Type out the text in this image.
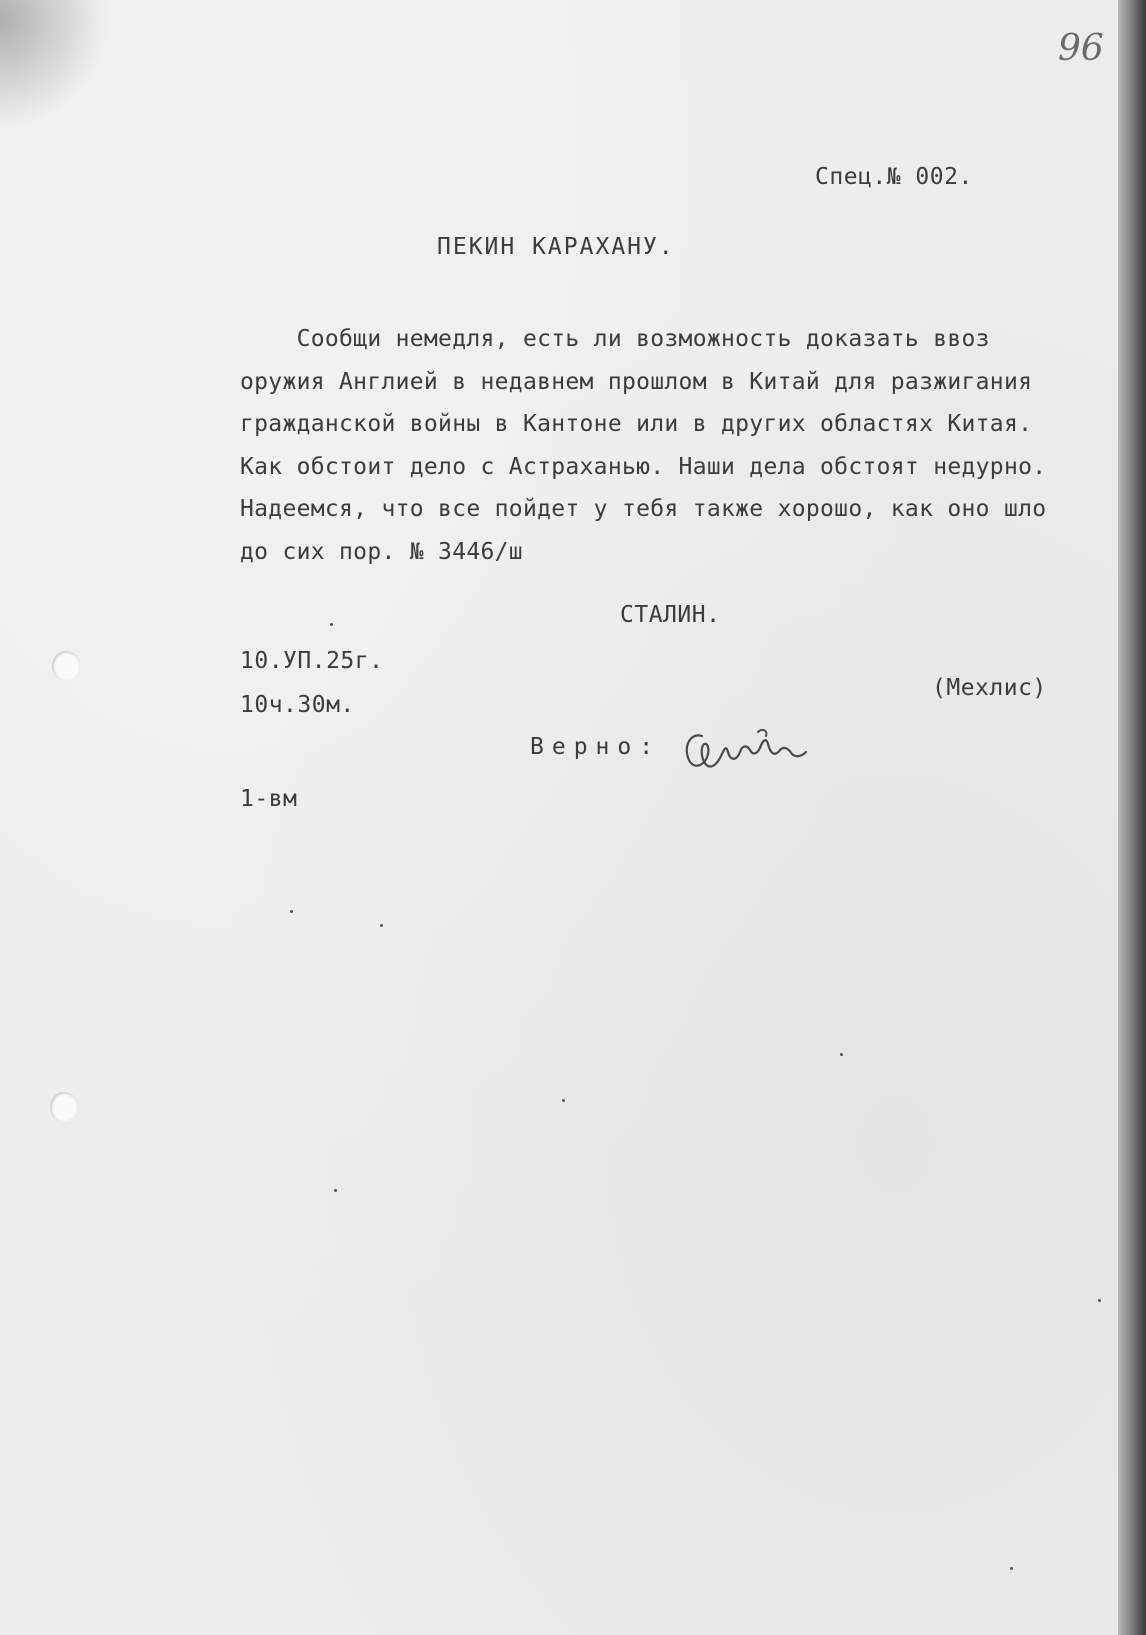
96
Спец.№ 002.
ПЕКИН КАРАХАНУ.
Сообщи немедля, есть ли возможность доказать ввоз
оружия Англией в недавнем прошлом в Китай для разжигания
гражданской войны в Кантоне или в других областях Китая.
Как обстоит дело с Астраханью. Наши дела обстоят недурно.
Надеемся, что все пойдет у тебя также хорошо, как оно шло
до сих пор. № 3446/ш
СТАЛИН.
10.УП.25г.
10ч.30м.
(Мехлис)
Верно:
1-вм
